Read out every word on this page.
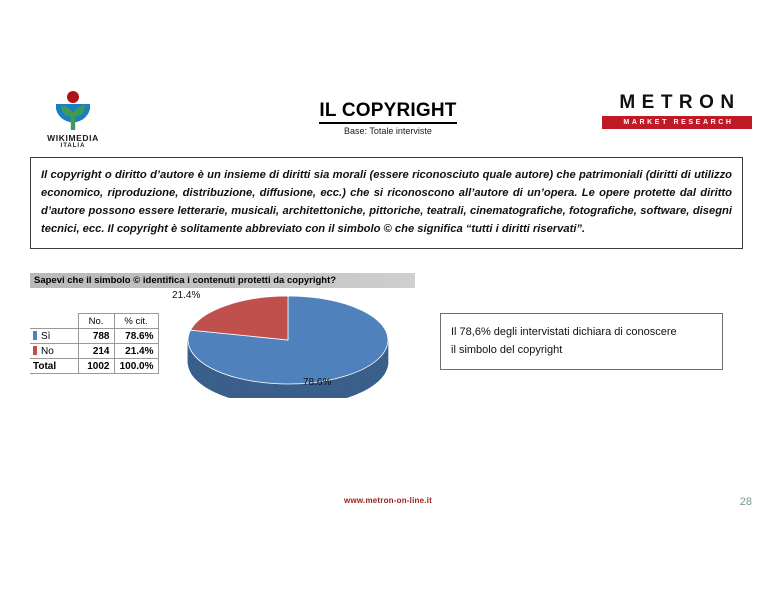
WIKIMEDIA
ITALIA
IL COPYRIGHT
Base: Totale interviste
METRON
MARKET RESEARCH
Il copyright o diritto d’autore è un insieme di diritti sia morali (essere riconosciuto quale autore) che patrimoniali (diritti di utilizzo economico, riproduzione, distribuzione, diffusione, ecc.) che si riconoscono all’autore di un’opera. Le opere protette dal diritto d’autore possono essere letterarie, musicali, architettoniche, pittoriche, teatrali, cinematografiche, fotografiche, software, disegni tecnici, ecc. Il copyright è solitamente abbreviato con il simbolo © che significa “tutti i diritti riservati”.
Sapevi che il simbolo © identifica i contenuti protetti da copyright?
	No.	% cit.
Sì	788	78.6%
No	214	21.4%
Total	1002	100.0%
21.4%
78.6%
Il 78,6% degli intervistati dichiara di conoscere
il simbolo del copyright
www.metron-on-line.it	28
